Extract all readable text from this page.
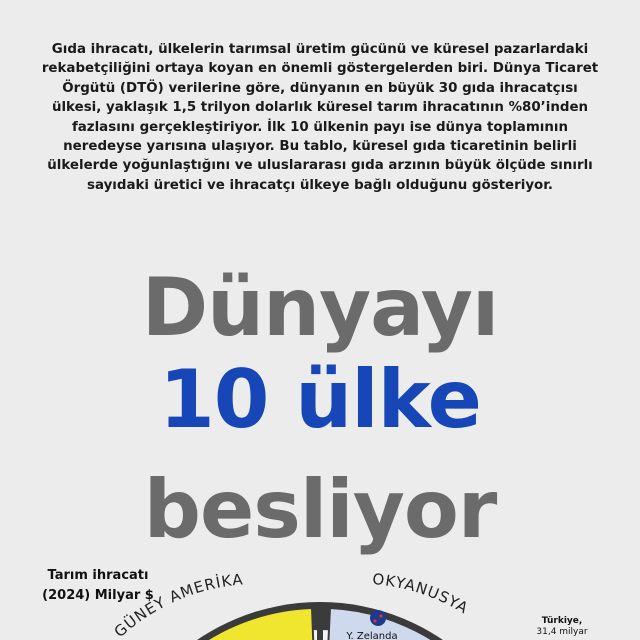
Gıda ihracatı, ülkelerin tarımsal üretim gücünü ve küresel pazarlardaki rekabetçiliğini ortaya koyan en önemli göstergelerden biri. Dünya Ticaret Örgütü (DTÖ) verilerine göre, dünyanın en büyük 30 gıda ihracatçısı ülkesi, yaklaşık 1,5 trilyon dolarlık küresel tarım ihracatının %80’inden fazlasını gerçekleştiriyor. İlk 10 ülkenin payı ise dünya toplamının neredeyse yarısına ulaşıyor. Bu tablo, küresel gıda ticaretinin belirli ülkelerde yoğunlaştığını ve uluslararası gıda arzının büyük ölçüde sınırlı sayıdaki üretici ve ihracatçı ülkeye bağlı olduğunu gösteriyor.
Dünyayı
10 ülke
besliyor
Tarım ihracatı (2024) Milyar $
GÜNEY AMERİKA	OKYANUSYA
Y. Zelanda
Türkiye,
31,4 milyar
